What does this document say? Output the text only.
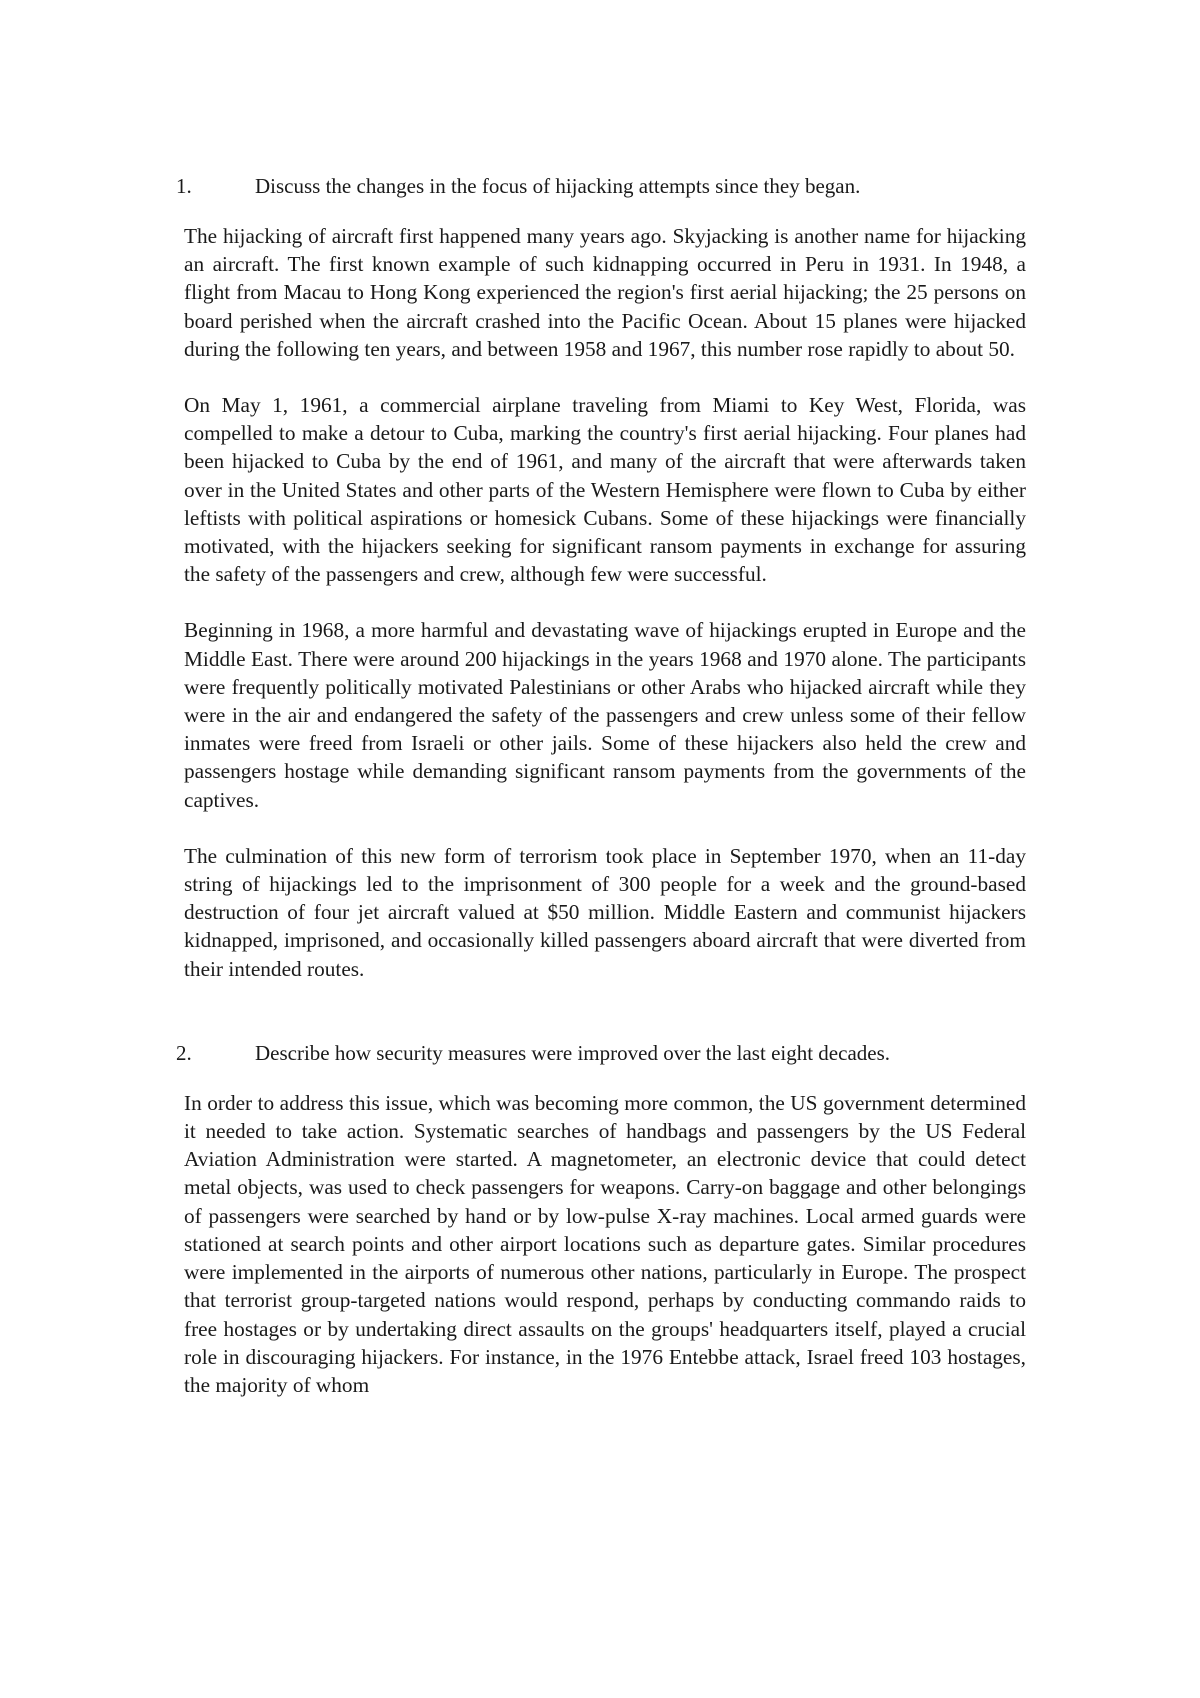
1.	Discuss the changes in the focus of hijacking attempts since they began.

The hijacking of aircraft first happened many years ago. Skyjacking is another name for hijacking an aircraft. The first known example of such kidnapping occurred in Peru in 1931. In 1948, a flight from Macau to Hong Kong experienced the region's first aerial hijacking; the 25 persons on board perished when the aircraft crashed into the Pacific Ocean. About 15 planes were hijacked during the following ten years, and between 1958 and 1967, this number rose rapidly to about 50.

On May 1, 1961, a commercial airplane traveling from Miami to Key West, Florida, was compelled to make a detour to Cuba, marking the country's first aerial hijacking. Four planes had been hijacked to Cuba by the end of 1961, and many of the aircraft that were afterwards taken over in the United States and other parts of the Western Hemisphere were flown to Cuba by either leftists with political aspirations or homesick Cubans. Some of these hijackings were financially motivated, with the hijackers seeking for significant ransom payments in exchange for assuring the safety of the passengers and crew, although few were successful.

Beginning in 1968, a more harmful and devastating wave of hijackings erupted in Europe and the Middle East. There were around 200 hijackings in the years 1968 and 1970 alone. The participants were frequently politically motivated Palestinians or other Arabs who hijacked aircraft while they were in the air and endangered the safety of the passengers and crew unless some of their fellow inmates were freed from Israeli or other jails. Some of these hijackers also held the crew and passengers hostage while demanding significant ransom payments from the governments of the captives.

The culmination of this new form of terrorism took place in September 1970, when an 11-day string of hijackings led to the imprisonment of 300 people for a week and the ground-based destruction of four jet aircraft valued at $50 million. Middle Eastern and communist hijackers kidnapped, imprisoned, and occasionally killed passengers aboard aircraft that were diverted from their intended routes.

2.	Describe how security measures were improved over the last eight decades.

In order to address this issue, which was becoming more common, the US government determined it needed to take action. Systematic searches of handbags and passengers by the US Federal Aviation Administration were started. A magnetometer, an electronic device that could detect metal objects, was used to check passengers for weapons. Carry-on baggage and other belongings of passengers were searched by hand or by low-pulse X-ray machines. Local armed guards were stationed at search points and other airport locations such as departure gates. Similar procedures were implemented in the airports of numerous other nations, particularly in Europe. The prospect that terrorist group-targeted nations would respond, perhaps by conducting commando raids to free hostages or by undertaking direct assaults on the groups' headquarters itself, played a crucial role in discouraging hijackers. For instance, in the 1976 Entebbe attack, Israel freed 103 hostages, the majority of whom
